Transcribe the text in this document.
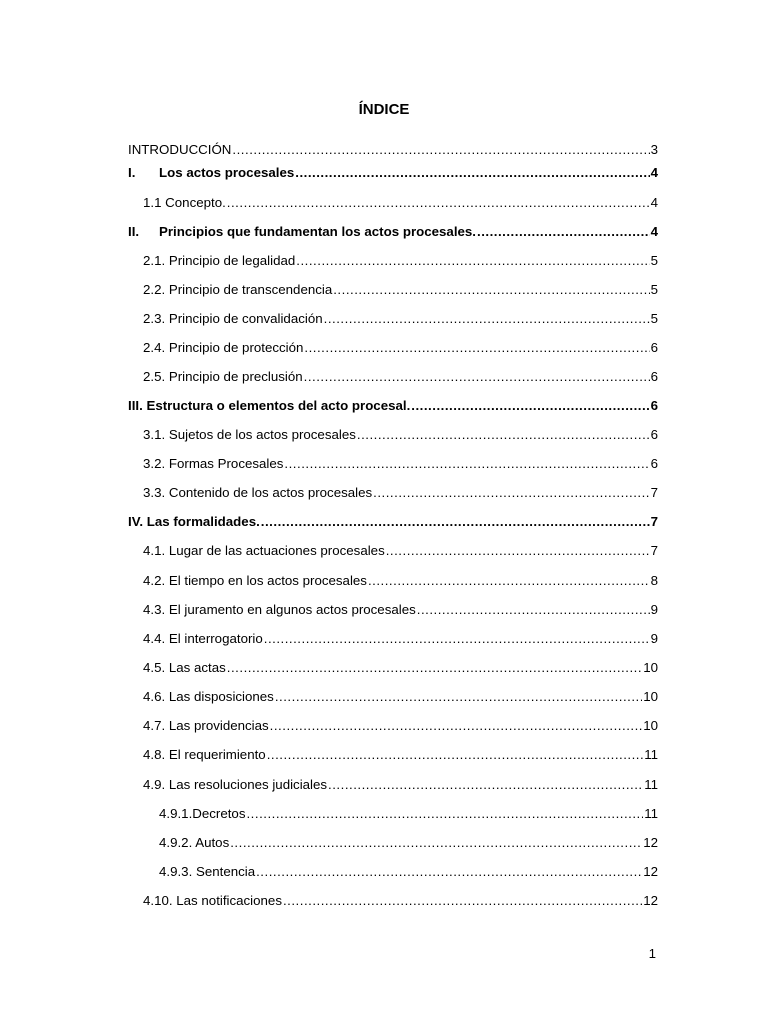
ÍNDICE
INTRODUCCIÓN .....	3
I.	Los actos procesales .....	4
1.1 Concepto. .....	4
II.	Principios que fundamentan los actos procesales. .....	4
2.1. Principio de legalidad .....	5
2.2. Principio de transcendencia .....	5
2.3. Principio de convalidación .....	5
2.4. Principio de protección .....	6
2.5. Principio de preclusión .....	6
III. Estructura o elementos del acto procesal. .....	6
3.1. Sujetos de los actos procesales .....	6
3.2. Formas Procesales .....	6
3.3. Contenido de los actos procesales .....	7
IV. Las formalidades. .....	7
4.1. Lugar de las actuaciones procesales .....	7
4.2. El tiempo en los actos procesales .....	8
4.3. El juramento en algunos actos procesales .....	9
4.4. El interrogatorio .....	9
4.5. Las actas .....	10
4.6. Las disposiciones .....	10
4.7. Las providencias .....	10
4.8. El requerimiento .....	11
4.9. Las resoluciones judiciales .....	11
4.9.1.Decretos .....	11
4.9.2. Autos .....	12
4.9.3. Sentencia .....	12
4.10. Las notificaciones .....	12
1
